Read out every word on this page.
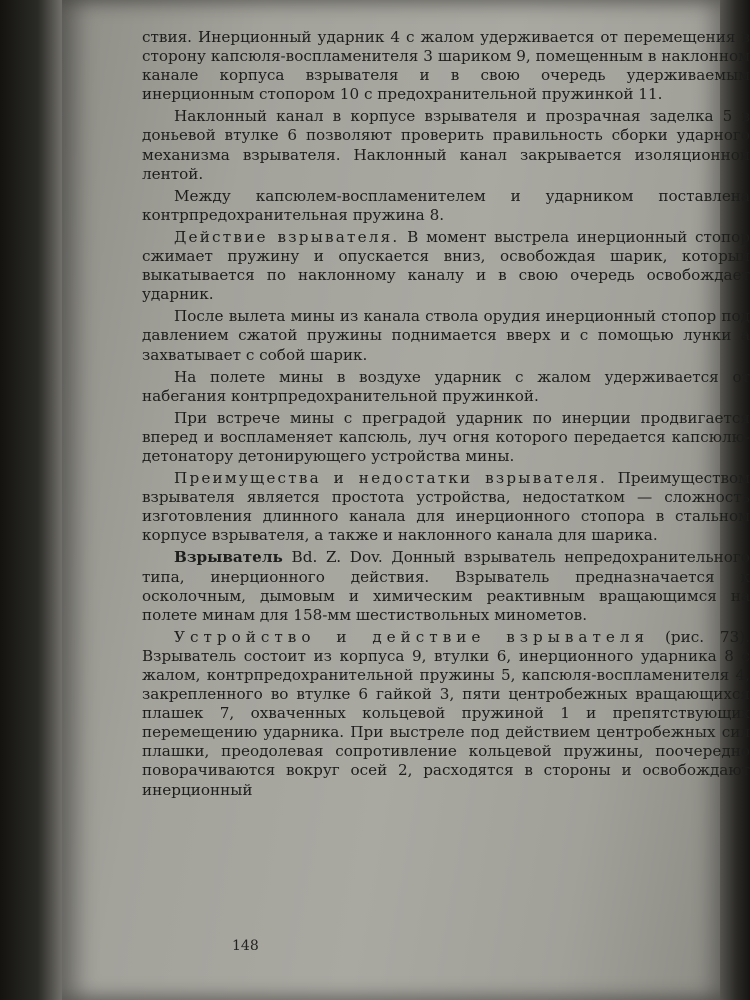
ствия. Инерционный ударник 4 с жалом удерживается от перемещения в сторону капсюля-воспламенителя 3 шариком 9, помещенным в наклонном канале корпуса взрывателя и в свою очередь удерживаемым инерционным стопором 10 с предохранительной пружинкой 11.

Наклонный канал в корпусе взрывателя и прозрачная заделка 5 в доньевой втулке 6 позволяют проверить правильность сборки ударного механизма взрывателя. Наклонный канал закрывается изоляционной лентой.

Между капсюлем-воспламенителем и ударником поставлена контрпредохранительная пружина 8.

Действие взрывателя. В момент выстрела инерционный стопор сжимает пружину и опускается вниз, освобождая шарик, который выкатывается по наклонному каналу и в свою очередь освобождает ударник.

После вылета мины из канала ствола орудия инерционный стопор под давлением сжатой пружины поднимается вверх и с помощью лунки а захватывает с собой шарик.

На полете мины в воздухе ударник с жалом удерживается от набегания контрпредохранительной пружинкой.

При встрече мины с преградой ударник по инерции продвигается вперед и воспламеняет капсюль, луч огня которого передается капсюлю-детонатору детонирующего устройства мины.

Преимущества и недостатки взрывателя. Преимуществом взрывателя является простота устройства, недостатком — сложность изготовления длинного канала для инерционного стопора в стальном корпусе взрывателя, а также и наклонного канала для шарика.

Взрыватель Bd. Z. Dov. Донный взрыватель непредохранительного типа, инерционного действия. Взрыватель предназначается к осколочным, дымовым и химическим реактивным вращающимся на полете минам для 158-мм шестиствольных минометов.

Устройство и действие взрывателя (рис. 73). Взрыватель состоит из корпуса 9, втулки 6, инерционного ударника 8 с жалом, контрпредохранительной пружины 5, капсюля-воспламенителя 4, закрепленного во втулке 6 гайкой 3, пяти центробежных вращающихся плашек 7, охваченных кольцевой пружиной 1 и препятствующих перемещению ударника. При выстреле под действием центробежных сил плашки, преодолевая сопротивление кольцевой пружины, поочередно поворачиваются вокруг осей 2, расходятся в стороны и освобождают инерционный

148
